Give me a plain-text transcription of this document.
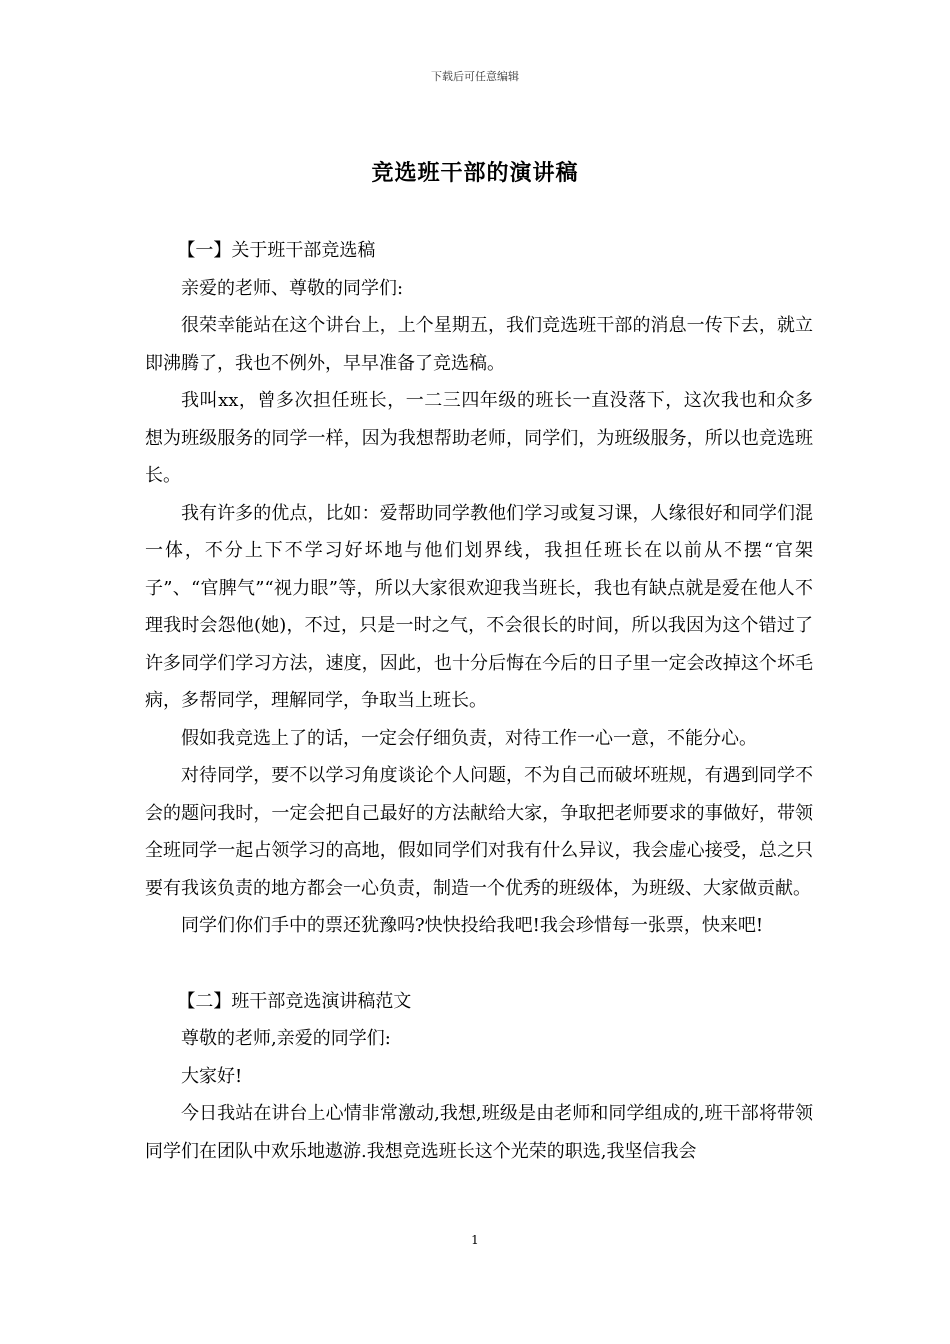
下载后可任意编辑
竞选班干部的演讲稿

【一】关于班干部竞选稿

亲爱的老师、尊敬的同学们:

很荣幸能站在这个讲台上，上个星期五，我们竞选班干部的消息一传下去，就立即沸腾了，我也不例外，早早准备了竞选稿。

我叫xx，曾多次担任班长，一二三四年级的班长一直没落下，这次我也和众多想为班级服务的同学一样，因为我想帮助老师，同学们，为班级服务，所以也竞选班长。

我有许多的优点，比如：爱帮助同学教他们学习或复习课，人缘很好和同学们混一体，不分上下不学习好坏地与他们划界线，我担任班长在以前从不摆“官架子”、“官脾气”“视力眼”等，所以大家很欢迎我当班长，我也有缺点就是爱在他人不理我时会怨他(她)，不过，只是一时之气，不会很长的时间，所以我因为这个错过了许多同学们学习方法，速度，因此，也十分后悔在今后的日子里一定会改掉这个坏毛病，多帮同学，理解同学，争取当上班长。

假如我竞选上了的话，一定会仔细负责，对待工作一心一意，不能分心。

对待同学，要不以学习角度谈论个人问题，不为自己而破坏班规，有遇到同学不会的题问我时，一定会把自己最好的方法献给大家，争取把老师要求的事做好，带领全班同学一起占领学习的高地，假如同学们对我有什么异议，我会虚心接受，总之只要有我该负责的地方都会一心负责，制造一个优秀的班级体，为班级、大家做贡献。

同学们你们手中的票还犹豫吗?快快投给我吧!我会珍惜每一张票，快来吧!

【二】班干部竞选演讲稿范文

尊敬的老师,亲爱的同学们:

大家好!

今日我站在讲台上心情非常激动,我想,班级是由老师和同学组成的,班干部将带领同学们在团队中欢乐地遨游.我想竞选班长这个光荣的职选,我坚信我会

1
